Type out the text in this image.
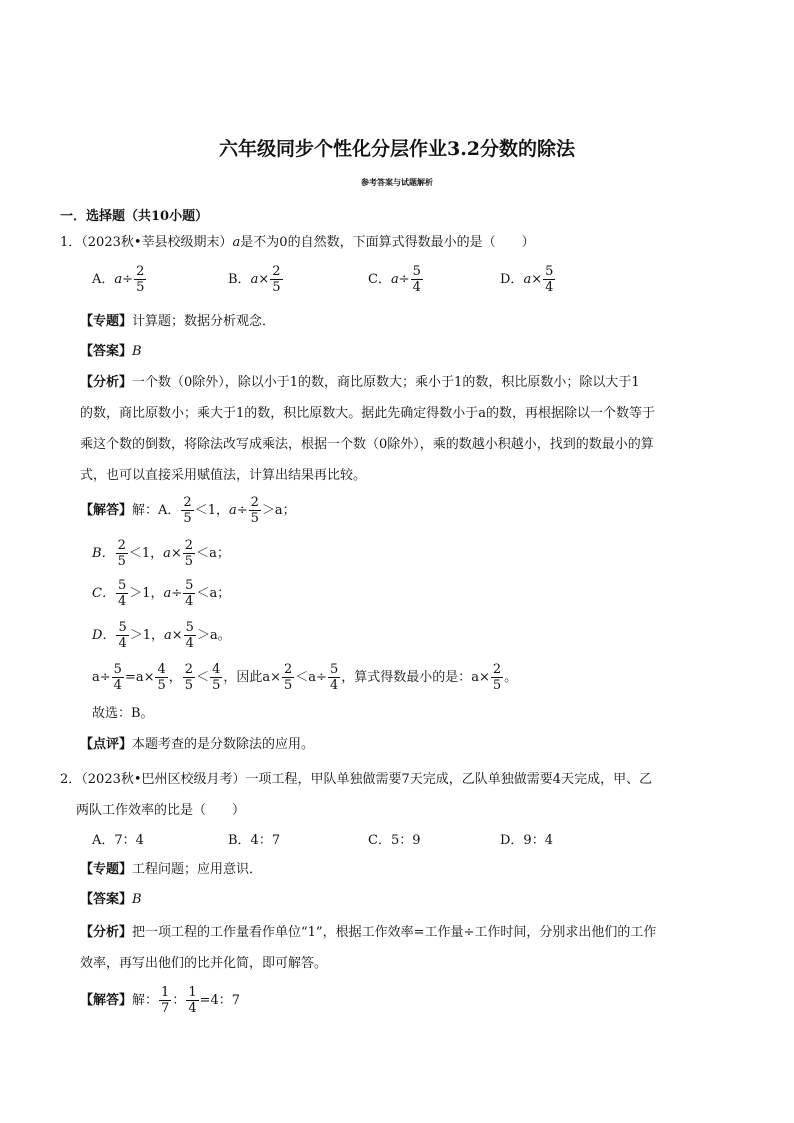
六年级同步个性化分层作业3.2分数的除法
参考答案与试题解析
一．选择题（共10小题）
1．（2023秋•莘县校级期末）a是不为0的自然数，下面算式得数最小的是（　　）
A．$a\div \frac{2}{5}$	B．$a\times \frac{2}{5}$	C．$a\div \frac{5}{4}$	D．$a\times \frac{5}{4}$
【专题】计算题；数据分析观念．
【答案】B
【分析】一个数（0除外），除以小于1的数，商比原数大；乘小于1的数，积比原数小；除以大于1
的数，商比原数小；乘大于1的数，积比原数大。据此先确定得数小于a的数，再根据除以一个数等于
乘这个数的倒数，将除法改写成乘法，根据一个数（0除外），乘的数越小积越小，找到的数最小的算
式，也可以直接采用赋值法，计算出结果再比较。
【解答】解：A． $\frac{2}{5} <1$，$a\div \frac{2}{5} >a$；
B． $\frac{2}{5} <1$，$a\times \frac{2}{5} <a$；
C． $\frac{5}{4} >1$，$a\div \frac{5}{4} <a$；
D． $\frac{5}{4} >1$，$a\times \frac{5}{4} >a$。
$a\div \frac{5}{4} =a\times \frac{4}{5}$ ， $\frac{2}{5} < \frac{4}{5}$ ，因此$a\times \frac{2}{5} <a\div \frac{5}{4}$ ，算式得数最小的是：$a\times \frac{2}{5}$ 。
故选：B。
【点评】本题考查的是分数除法的应用。
2．（2023秋•巴州区校级月考）一项工程，甲队单独做需要7天完成，乙队单独做需要4天完成，甲、乙
两队工作效率的比是（　　）
A．7：4	B．4：7	C．5：9	D．9：4
【专题】工程问题；应用意识．
【答案】B
【分析】把一项工程的工作量看作单位“1”，根据工作效率=工作量÷工作时间，分别求出他们的工作
效率，再写出他们的比并化简，即可解答。
【解答】解： $\frac{1}{7}$ ： $\frac{1}{4} =4$：7
